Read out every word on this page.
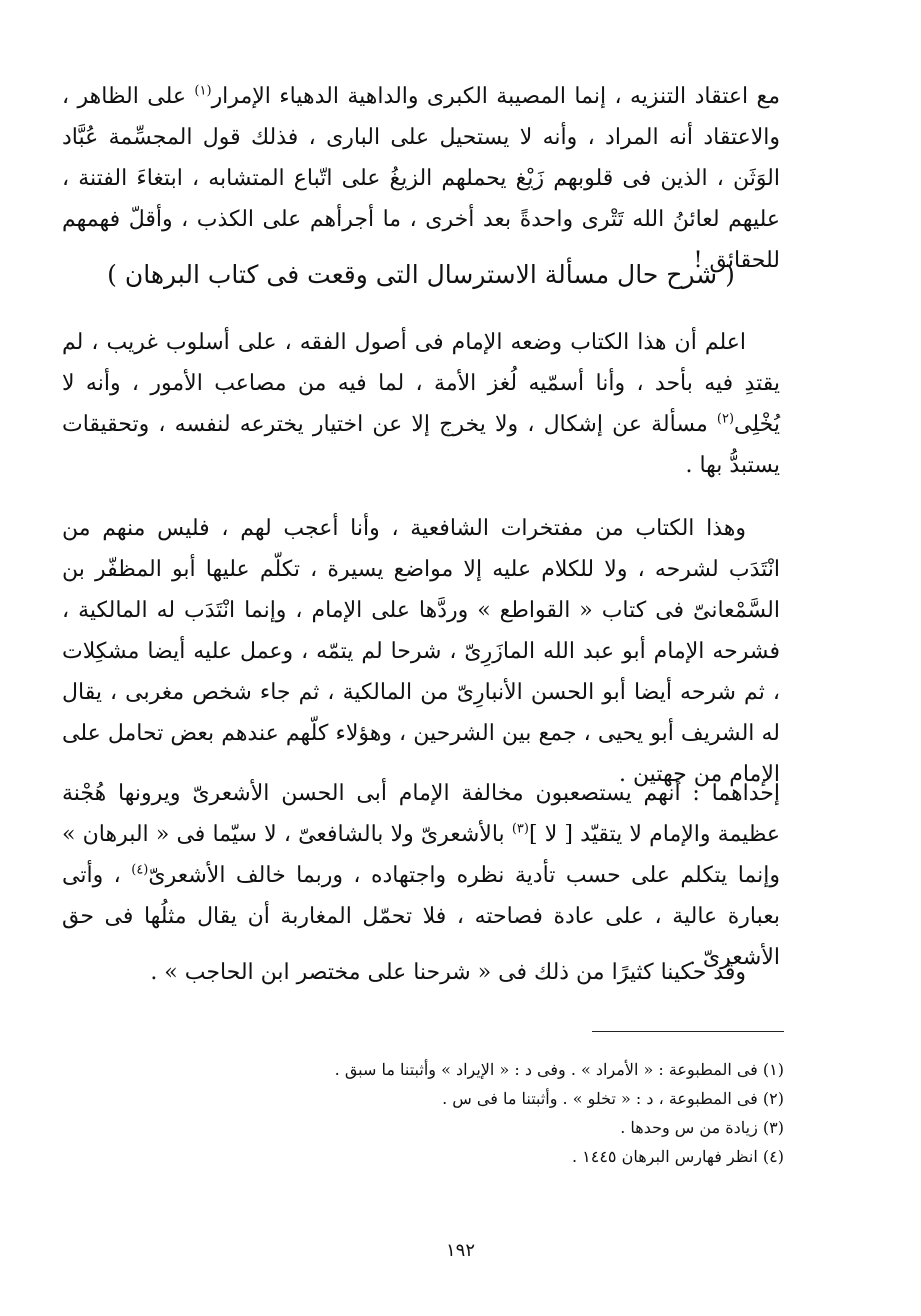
مع اعتقاد التنزيه ، إنما المصيبة الكبرى والداهية الدهياء الإمرار$^{(١)}$ على الظاهر ، والاعتقاد أنه المراد ، وأنه لا يستحيل على البارى ، فذلك قول المجسِّمة عُبَّاد الوَثَن ، الذين فى قلوبهم زَيْغ يحملهم الزيغُ على اتّباع المتشابه ، ابتغاءَ الفتنة ، عليهم لعائنُ الله تَتْرى واحدةً بعد أخرى ، ما أجرأهم على الكذب ، وأقلّ فهمهم للحقائق !

( شرح حال مسألة الاسترسال التى وقعت فى كتاب البرهان )

اعلم أن هذا الكتاب وضعه الإمام فى أصول الفقه ، على أسلوب غريب ، لم يقتدِ فيه بأحد ، وأنا أسمّيه لُغز الأمة ، لما فيه من مصاعب الأمور ، وأنه لا يُخْلِى$^{(٢)}$ مسألة عن إشكال ، ولا يخرج إلا عن اختيار يخترعه لنفسه ، وتحقيقات يستبدُّ بها .

وهذا الكتاب من مفتخرات الشافعية ، وأنا أعجب لهم ، فليس منهم من انْتَدَب لشرحه ، ولا للكلام عليه إلا مواضع يسيرة ، تكلّم عليها أبو المظفّر بن السَّمْعانىّ فى كتاب « القواطع » وردَّها على الإمام ، وإنما انْتَدَب له المالكية ، فشرحه الإمام أبو عبد الله المازَرِىّ ، شرحا لم يتمّه ، وعمل عليه أيضا مشكِلات ، ثم شرحه أيضا أبو الحسن الأنبارِىّ من المالكية ، ثم جاء شخص مغربى ، يقال له الشريف أبو يحيى ، جمع بين الشرحين ، وهؤلاء كلّهم عندهم بعض تحامل على الإمام من جهتين .

إحداهما : أنهم يستصعبون مخالفة الإمام أبى الحسن الأشعرىّ ويرونها هُجْنة عظيمة والإمام لا يتقيّد [ لا ]$^{(٣)}$ بالأشعرىّ ولا بالشافعىّ ، لا سيّما فى « البرهان » وإنما يتكلم على حسب تأدية نظره واجتهاده ، وربما خالف الأشعرىّ$^{(٤)}$ ، وأتى بعبارة عالية ، على عادة فصاحته ، فلا تحمّل المغاربة أن يقال مثلُها فى حق الأشعرىّ .

وقد حكينا كثيرًا من ذلك فى « شرحنا على مختصر ابن الحاجب » .

(١) فى المطبوعة : « الأمراد » . وفى د : « الإيراد » وأثبتنا ما سبق .

(٢) فى المطبوعة ، د : « تخلو » . وأثبتنا ما فى س .

(٣) زيادة من س وحدها .

(٤) انظر فهارس البرهان ١٤٤٥ .

١٩٢
